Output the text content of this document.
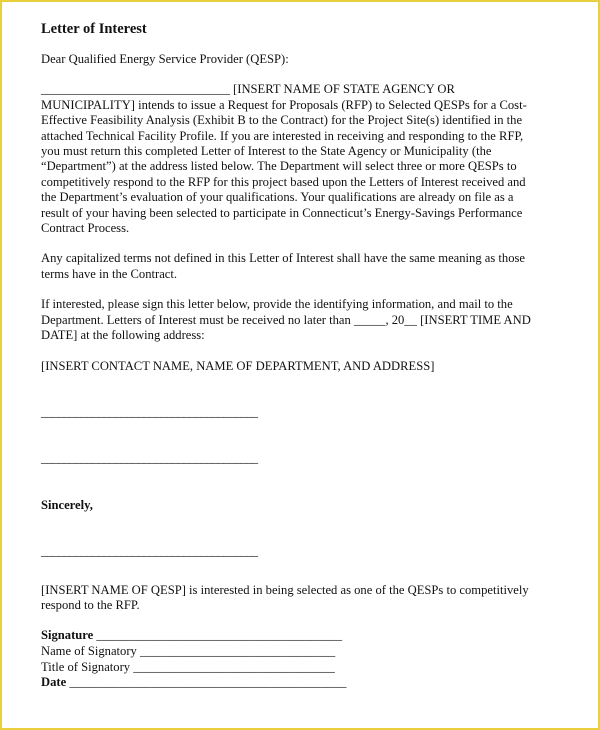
Letter of Interest

Dear Qualified Energy Service Provider (QESP):

______________________________ [INSERT NAME OF STATE AGENCY OR
MUNICIPALITY] intends to issue a Request for Proposals (RFP) to Selected QESPs for a Cost-
Effective Feasibility Analysis (Exhibit B to the Contract) for the Project Site(s) identified in the
attached Technical Facility Profile. If you are interested in receiving and responding to the RFP,
you must return this completed Letter of Interest to the State Agency or Municipality (the
“Department”) at the address listed below. The Department will select three or more QESPs to
competitively respond to the RFP for this project based upon the Letters of Interest received and
the Department’s evaluation of your qualifications. Your qualifications are already on file as a
result of your having been selected to participate in Connecticut’s Energy-Savings Performance
Contract Process.

Any capitalized terms not defined in this Letter of Interest shall have the same meaning as those
terms have in the Contract.

If interested, please sign this letter below, provide the identifying information, and mail to the
Department. Letters of Interest must be received no later than _____, 20__ [INSERT TIME AND
DATE] at the following address:

[INSERT CONTACT NAME, NAME OF DEPARTMENT, AND ADDRESS]

______________________________________

______________________________________

Sincerely,

______________________________________

[INSERT NAME OF QESP] is interested in being selected as one of the QESPs to competitively
respond to the RFP.

Signature _______________________________________
Name of Signatory _______________________________
Title of Signatory ________________________________
Date ____________________________________________
